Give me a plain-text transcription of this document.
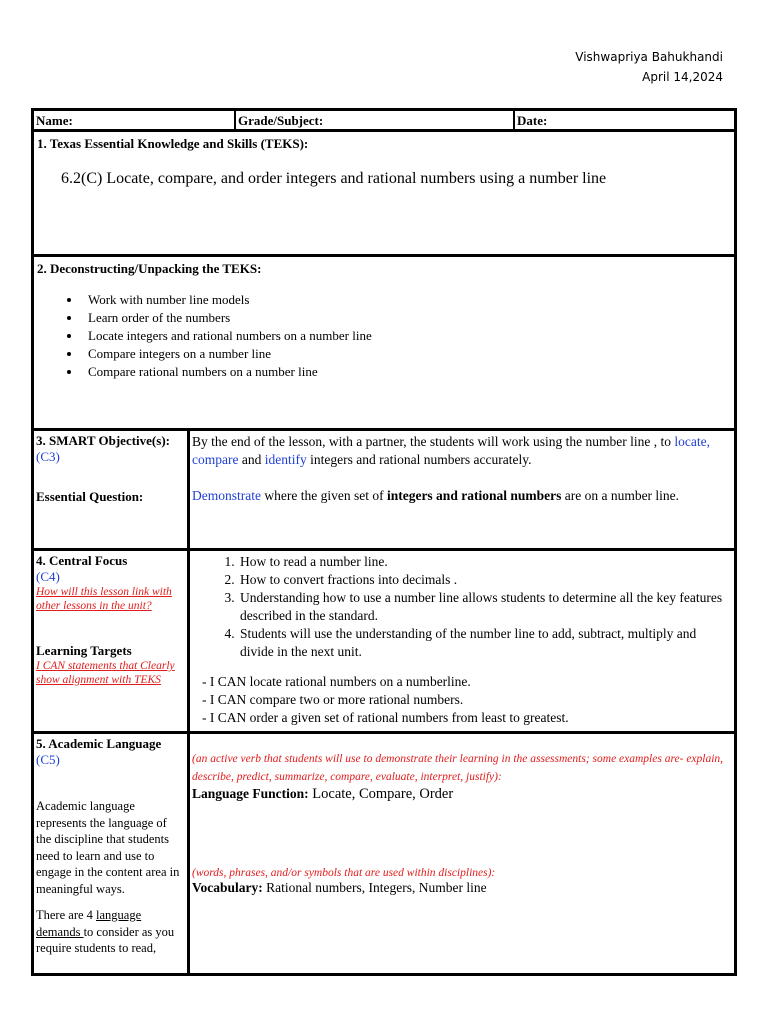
Vishwapriya Bahukhandi
April 14,2024
Name:	Grade/Subject:	Date:
1. Texas Essential Knowledge and Skills (TEKS):
6.2(C) Locate, compare, and order integers and rational numbers using a number line
2. Deconstructing/Unpacking the TEKS:
• Work with number line models
• Learn order of the numbers
• Locate integers and rational numbers on a number line
• Compare integers on a number line
• Compare rational numbers on a number line
3. SMART Objective(s):
(C3)
Essential Question:
By the end of the lesson, with a partner, the students will work using the number line , to locate, compare and identify integers and rational numbers accurately.
Demonstrate where the given set of integers and rational numbers are on a number line.
4. Central Focus
(C4)
How will this lesson link with other lessons in the unit?
Learning Targets
I CAN statements that Clearly show alignment with TEKS
1. How to read a number line.
2. How to convert fractions into decimals .
3. Understanding how to use a number line allows students to determine all the key features described in the standard.
4. Students will use the understanding of the number line to add, subtract, multiply and divide in the next unit.
- I CAN locate rational numbers on a numberline.
- I CAN compare two or more rational numbers.
- I CAN order a given set of rational numbers from least to greatest.
5. Academic Language
(C5)
Academic language represents the language of the discipline that students need to learn and use to engage in the content area in meaningful ways.
There are 4 language demands to consider as you require students to read,
(an active verb that students will use to demonstrate their learning in the assessments; some examples are- explain, describe, predict, summarize, compare, evaluate, interpret, justify):
Language Function: Locate, Compare, Order
(words, phrases, and/or symbols that are used within disciplines):
Vocabulary: Rational numbers, Integers, Number line
